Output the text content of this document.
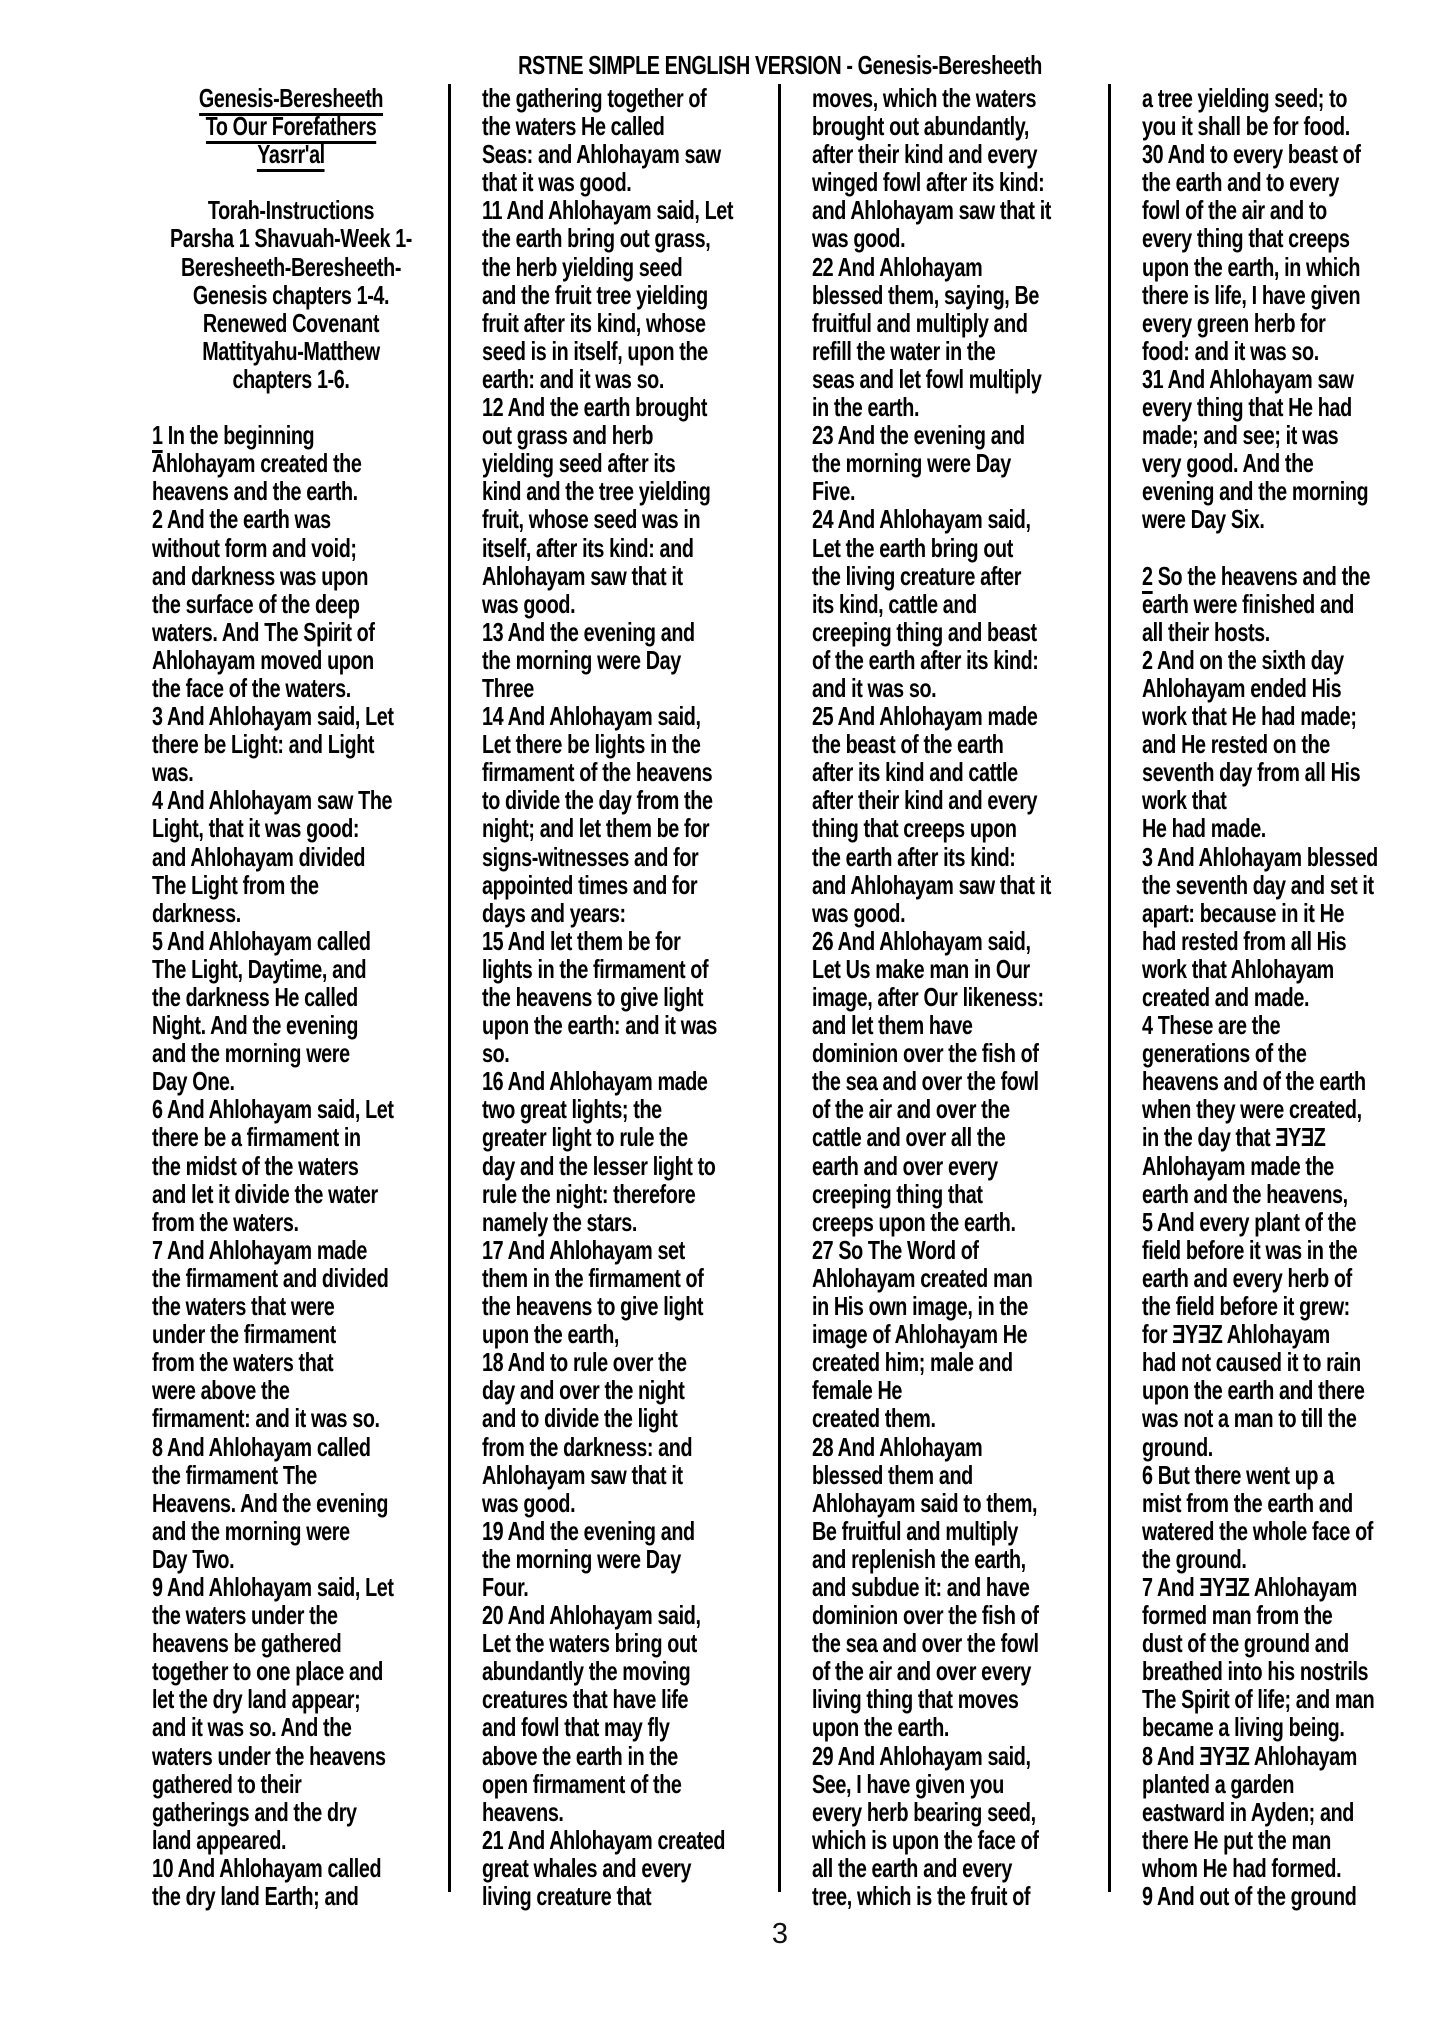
RSTNE SIMPLE ENGLISH VERSION - Genesis-Beresheeth
Genesis-Beresheeth
To Our Forefathers
Yasrr'al

Torah-Instructions
Parsha 1 Shavuah-Week 1-
Beresheeth-Beresheeth-
Genesis chapters 1-4.
Renewed Covenant
Mattityahu-Matthew
chapters 1-6.

1 In the beginning
Ahlohayam created the
heavens and the earth.
2 And the earth was
without form and void;
and darkness was upon
the surface of the deep
waters. And The Spirit of
Ahlohayam moved upon
the face of the waters.
3 And Ahlohayam said, Let
there be Light: and Light
was.
4 And Ahlohayam saw The
Light, that it was good:
and Ahlohayam divided
The Light from the
darkness.
5 And Ahlohayam called
The Light, Daytime, and
the darkness He called
Night. And the evening
and the morning were
Day One.
6 And Ahlohayam said, Let
there be a firmament in
the midst of the waters
and let it divide the water
from the waters.
7 And Ahlohayam made
the firmament and divided
the waters that were
under the firmament
from the waters that
were above the
firmament: and it was so.
8 And Ahlohayam called
the firmament The
Heavens. And the evening
and the morning were
Day Two.
9 And Ahlohayam said, Let
the waters under the
heavens be gathered
together to one place and
let the dry land appear;
and it was so. And the
waters under the heavens
gathered to their
gatherings and the dry
land appeared.
10 And Ahlohayam called
the dry land Earth; and
the gathering together of
the waters He called
Seas: and Ahlohayam saw
that it was good.
11 And Ahlohayam said, Let
the earth bring out grass,
the herb yielding seed
and the fruit tree yielding
fruit after its kind, whose
seed is in itself, upon the
earth: and it was so.
12 And the earth brought
out grass and herb
yielding seed after its
kind and the tree yielding
fruit, whose seed was in
itself, after its kind: and
Ahlohayam saw that it
was good.
13 And the evening and
the morning were Day
Three
14 And Ahlohayam said,
Let there be lights in the
firmament of the heavens
to divide the day from the
night; and let them be for
signs-witnesses and for
appointed times and for
days and years:
15 And let them be for
lights in the firmament of
the heavens to give light
upon the earth: and it was
so.
16 And Ahlohayam made
two great lights; the
greater light to rule the
day and the lesser light to
rule the night: therefore
namely the stars.
17 And Ahlohayam set
them in the firmament of
the heavens to give light
upon the earth,
18 And to rule over the
day and over the night
and to divide the light
from the darkness: and
Ahlohayam saw that it
was good.
19 And the evening and
the morning were Day
Four.
20 And Ahlohayam said,
Let the waters bring out
abundantly the moving
creatures that have life
and fowl that may fly
above the earth in the
open firmament of the
heavens.
21 And Ahlohayam created
great whales and every
living creature that
moves, which the waters
brought out abundantly,
after their kind and every
winged fowl after its kind:
and Ahlohayam saw that it
was good.
22 And Ahlohayam
blessed them, saying, Be
fruitful and multiply and
refill the water in the
seas and let fowl multiply
in the earth.
23 And the evening and
the morning were Day
Five.
24 And Ahlohayam said,
Let the earth bring out
the living creature after
its kind, cattle and
creeping thing and beast
of the earth after its kind:
and it was so.
25 And Ahlohayam made
the beast of the earth
after its kind and cattle
after their kind and every
thing that creeps upon
the earth after its kind:
and Ahlohayam saw that it
was good.
26 And Ahlohayam said,
Let Us make man in Our
image, after Our likeness:
and let them have
dominion over the fish of
the sea and over the fowl
of the air and over the
cattle and over all the
earth and over every
creeping thing that
creeps upon the earth.
27 So The Word of
Ahlohayam created man
in His own image, in the
image of Ahlohayam He
created him; male and
female He
created them.
28 And Ahlohayam
blessed them and
Ahlohayam said to them,
Be fruitful and multiply
and replenish the earth,
and subdue it: and have
dominion over the fish of
the sea and over the fowl
of the air and over every
living thing that moves
upon the earth.
29 And Ahlohayam said,
See, I have given you
every herb bearing seed,
which is upon the face of
all the earth and every
tree, which is the fruit of
a tree yielding seed; to
you it shall be for food.
30 And to every beast of
the earth and to every
fowl of the air and to
every thing that creeps
upon the earth, in which
there is life, I have given
every green herb for
food: and it was so.
31 And Ahlohayam saw
every thing that He had
made; and see; it was
very good. And the
evening and the morning
were Day Six.

2 So the heavens and the
earth were finished and
all their hosts.
2 And on the sixth day
Ahlohayam ended His
work that He had made;
and He rested on the
seventh day from all His
work that
He had made.
3 And Ahlohayam blessed
the seventh day and set it
apart: because in it He
had rested from all His
work that Ahlohayam
created and made.
4 These are the
generations of the
heavens and of the earth
when they were created,
in the day that ƎYƎZ
Ahlohayam made the
earth and the heavens,
5 And every plant of the
field before it was in the
earth and every herb of
the field before it grew:
for ƎYƎZ Ahlohayam
had not caused it to rain
upon the earth and there
was not a man to till the
ground.
6 But there went up a
mist from the earth and
watered the whole face of
the ground.
7 And ƎYƎZ Ahlohayam
formed man from the
dust of the ground and
breathed into his nostrils
The Spirit of life; and man
became a living being.
8 And ƎYƎZ Ahlohayam
planted a garden
eastward in Ayden; and
there He put the man
whom He had formed.
9 And out of the ground
3
